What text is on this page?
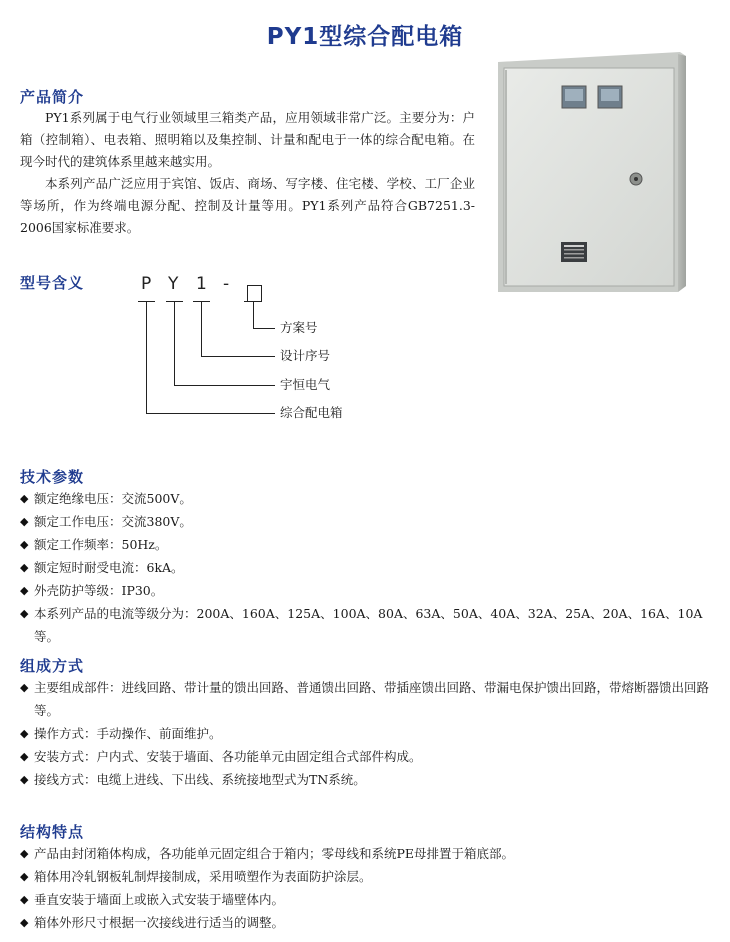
PY1型综合配电箱
产品简介

PY1系列属于电气行业领域里三箱类产品，应用领域非常广泛。主要分为：户箱（控制箱）、电表箱、照明箱以及集控制、计量和配电于一体的综合配电箱。在现今时代的建筑体系里越来越实用。

本系列产品广泛应用于宾馆、饭店、商场、写字楼、住宅楼、学校、工厂企业等场所，作为终端电源分配、控制及计量等用。PY1系列产品符合GB7251.3-2006国家标准要求。

型号含义	P Y 1 -
方案号
设计序号
宇恒电气
综合配电箱
技术参数
◆ 额定绝缘电压：交流500V。
◆ 额定工作电压：交流380V。
◆ 额定工作频率：50Hz。
◆ 额定短时耐受电流：6kA。
◆ 外壳防护等级：IP30。
◆ 本系列产品的电流等级分为：200A、160A、125A、100A、80A、63A、50A、40A、32A、25A、20A、16A、10A等。
组成方式
◆ 主要组成部件：进线回路、带计量的馈出回路、普通馈出回路、带插座馈出回路、带漏电保护馈出回路，带熔断器馈出回路等。
◆ 操作方式：手动操作、前面维护。
◆ 安装方式：户内式、安装于墙面、各功能单元由固定组合式部件构成。
◆ 接线方式：电缆上进线、下出线、系统接地型式为TN系统。
结构特点
◆ 产品由封闭箱体构成，各功能单元固定组合于箱内；零母线和系统PE母排置于箱底部。
◆ 箱体用冷轧钢板轧制焊接制成，采用喷塑作为表面防护涂层。
◆ 垂直安装于墙面上或嵌入式安装于墙壁体内。
◆ 箱体外形尺寸根据一次接线进行适当的调整。
